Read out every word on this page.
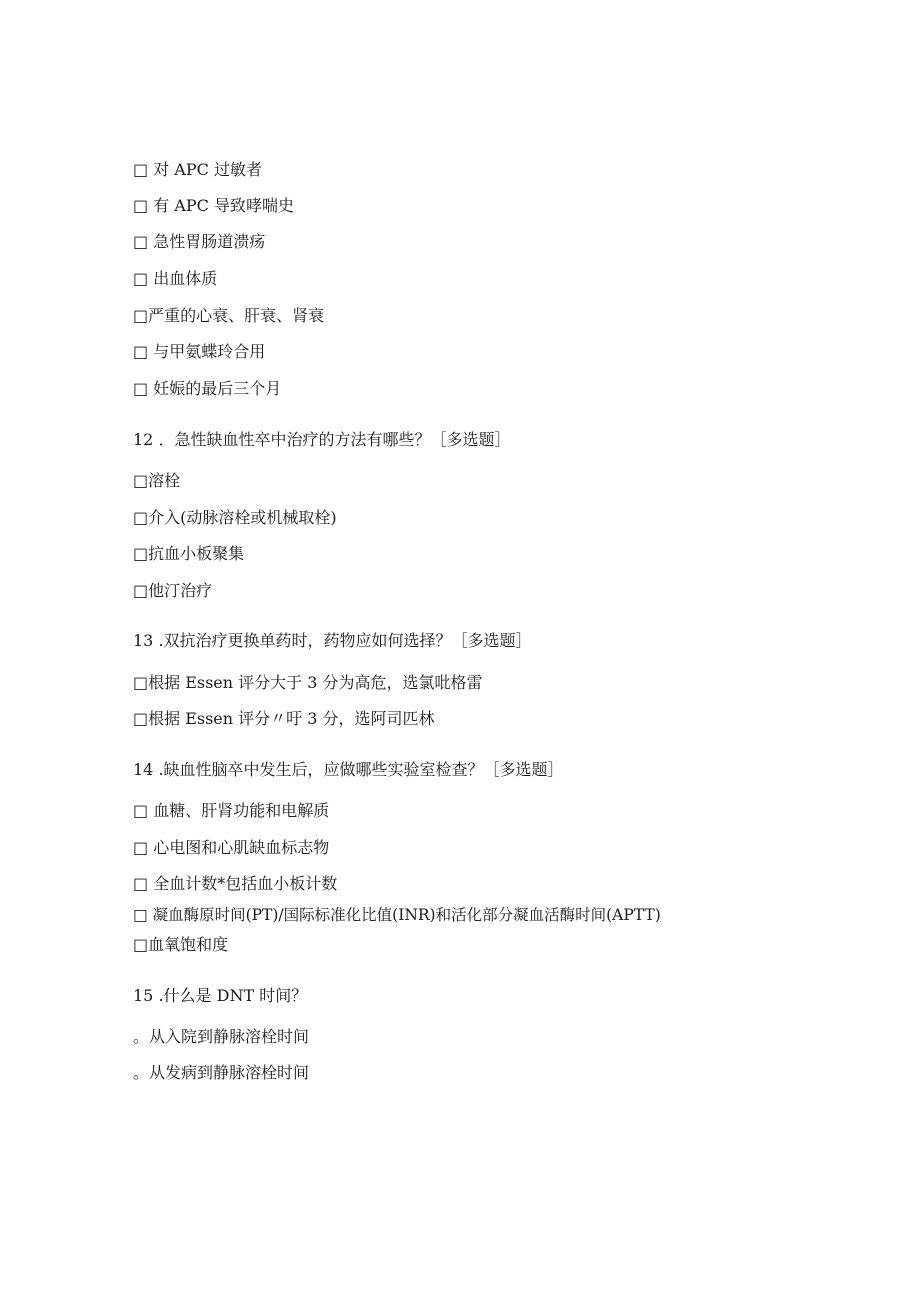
□ 对 APC 过敏者
□ 有 APC 导致哮喘史
□ 急性胃肠道溃疡
□ 出血体质
□严重的心衰、肝衰、肾衰
□ 与甲氨蝶玲合用
□ 妊娠的最后三个月
12 ．急性缺血性卒中治疗的方法有哪些？［多选题］
□溶栓
□介入(动脉溶栓或机械取栓)
□抗血小板聚集
□他汀治疗
13 .双抗治疗更换单药时，药物应如何选择？［多选题］
□根据 Essen 评分大于 3 分为高危，选氯吡格雷
□根据 Essen 评分〃吁 3 分，选阿司匹林
14 .缺血性脑卒中发生后，应做哪些实验室检查？［多选题］
□ 血糖、肝肾功能和电解质
□ 心电图和心肌缺血标志物
□ 全血计数*包括血小板计数
□ 凝血酶原时间(PT)/国际标准化比值(INR)和活化部分凝血活酶时间(APTT)
□血氧饱和度
15 .什么是 DNT 时间？
。从入院到静脉溶栓时间
。从发病到静脉溶栓时间
